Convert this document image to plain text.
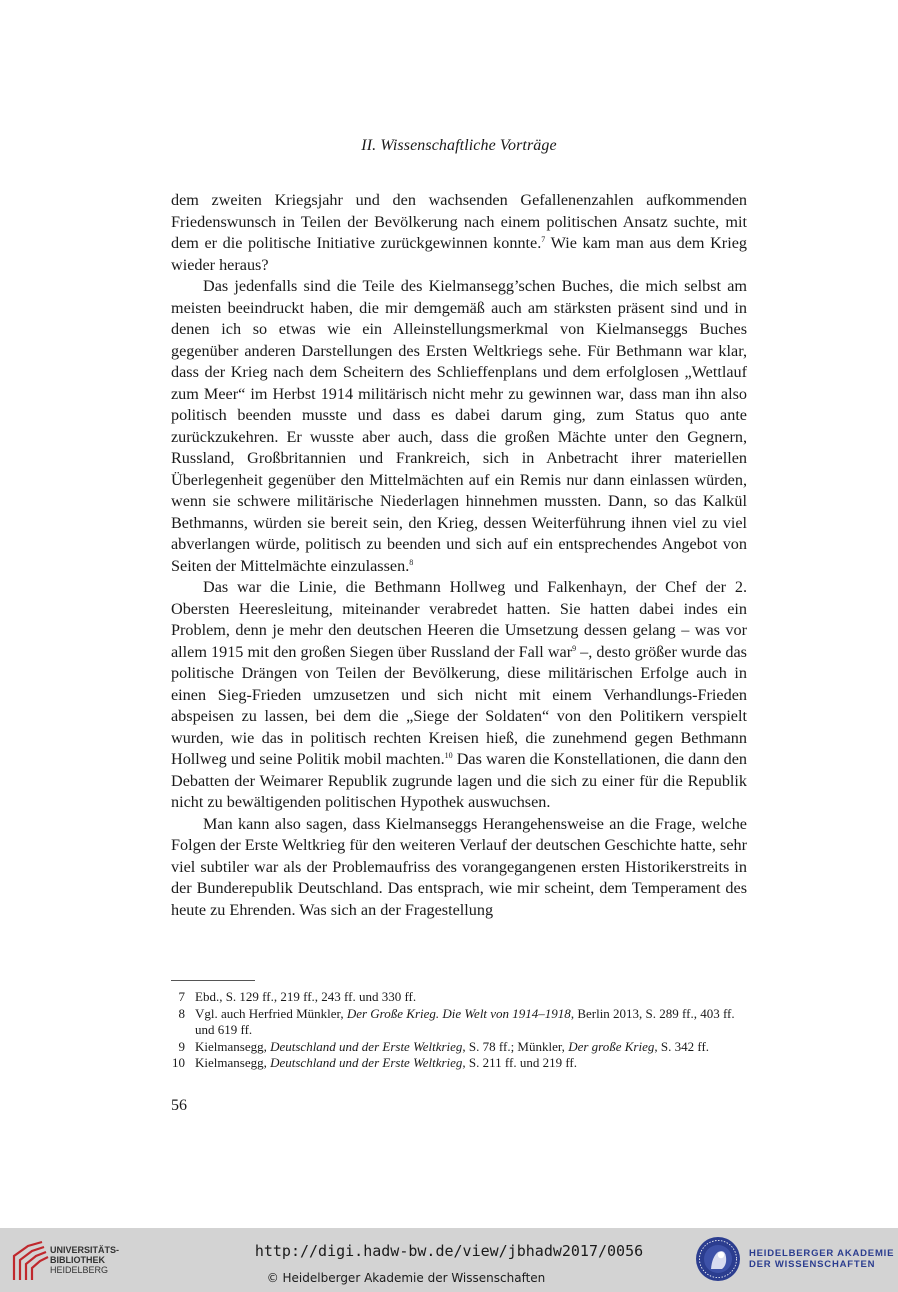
II. Wissenschaftliche Vorträge

dem zweiten Kriegsjahr und den wachsenden Gefallenenzahlen aufkommenden Friedenswunsch in Teilen der Bevölkerung nach einem politischen Ansatz suchte, mit dem er die politische Initiative zurückgewinnen konnte.$^7$ Wie kam man aus dem Krieg wieder heraus?

Das jedenfalls sind die Teile des Kielmansegg’schen Buches, die mich selbst am meisten beeindruckt haben, die mir demgemäß auch am stärksten präsent sind und in denen ich so etwas wie ein Alleinstellungsmerkmal von Kielmanseggs Buches gegenüber anderen Darstellungen des Ersten Weltkriegs sehe. Für Bethmann war klar, dass der Krieg nach dem Scheitern des Schlieffenplans und dem erfolglosen „Wettlauf zum Meer“ im Herbst 1914 militärisch nicht mehr zu gewinnen war, dass man ihn also politisch beenden musste und dass es dabei darum ging, zum Status quo ante zurückzukehren. Er wusste aber auch, dass die großen Mächte unter den Gegnern, Russland, Großbritannien und Frankreich, sich in Anbetracht ihrer materiellen Überlegenheit gegenüber den Mittelmächten auf ein Remis nur dann einlassen würden, wenn sie schwere militärische Niederlagen hinnehmen mussten. Dann, so das Kalkül Bethmanns, würden sie bereit sein, den Krieg, dessen Weiterführung ihnen viel zu viel abverlangen würde, politisch zu beenden und sich auf ein entsprechendes Angebot von Seiten der Mittelmächte einzulassen.$^8$

Das war die Linie, die Bethmann Hollweg und Falkenhayn, der Chef der 2. Obersten Heeresleitung, miteinander verabredet hatten. Sie hatten dabei indes ein Problem, denn je mehr den deutschen Heeren die Umsetzung dessen gelang – was vor allem 1915 mit den großen Siegen über Russland der Fall war$^9$ –, desto größer wurde das politische Drängen von Teilen der Bevölkerung, diese militärischen Erfolge auch in einen Sieg-Frieden umzusetzen und sich nicht mit einem Verhandlungs-Frieden abspeisen zu lassen, bei dem die „Siege der Soldaten“ von den Politikern verspielt wurden, wie das in politisch rechten Kreisen hieß, die zunehmend gegen Bethmann Hollweg und seine Politik mobil machten.$^{10}$ Das waren die Konstellationen, die dann den Debatten der Weimarer Republik zugrunde lagen und die sich zu einer für die Republik nicht zu bewältigenden politischen Hypothek auswuchsen.

Man kann also sagen, dass Kielmanseggs Herangehensweise an die Frage, welche Folgen der Erste Weltkrieg für den weiteren Verlauf der deutschen Geschichte hatte, sehr viel subtiler war als der Problemaufriss des vorangegangenen ersten Historikerstreits in der Bunderepublik Deutschland. Das entsprach, wie mir scheint, dem Temperament des heute zu Ehrenden. Was sich an der Fragestellung

7 Ebd., S. 129 ff., 219 ff., 243 ff. und 330 ff.
8 Vgl. auch Herfried Münkler, Der Große Krieg. Die Welt von 1914–1918, Berlin 2013, S. 289 ff., 403 ff. und 619 ff.
9 Kielmansegg, Deutschland und der Erste Weltkrieg, S. 78 ff.; Münkler, Der große Krieg, S. 342 ff.
10 Kielmansegg, Deutschland und der Erste Weltkrieg, S. 211 ff. und 219 ff.
56
UNIVERSITÄTS-
BIBLIOTHEK
HEIDELBERG
http://digi.hadw-bw.de/view/jbhadw2017/0056
© Heidelberger Akademie der Wissenschaften
HEIDELBERGER AKADEMIE
DER WISSENSCHAFTEN
